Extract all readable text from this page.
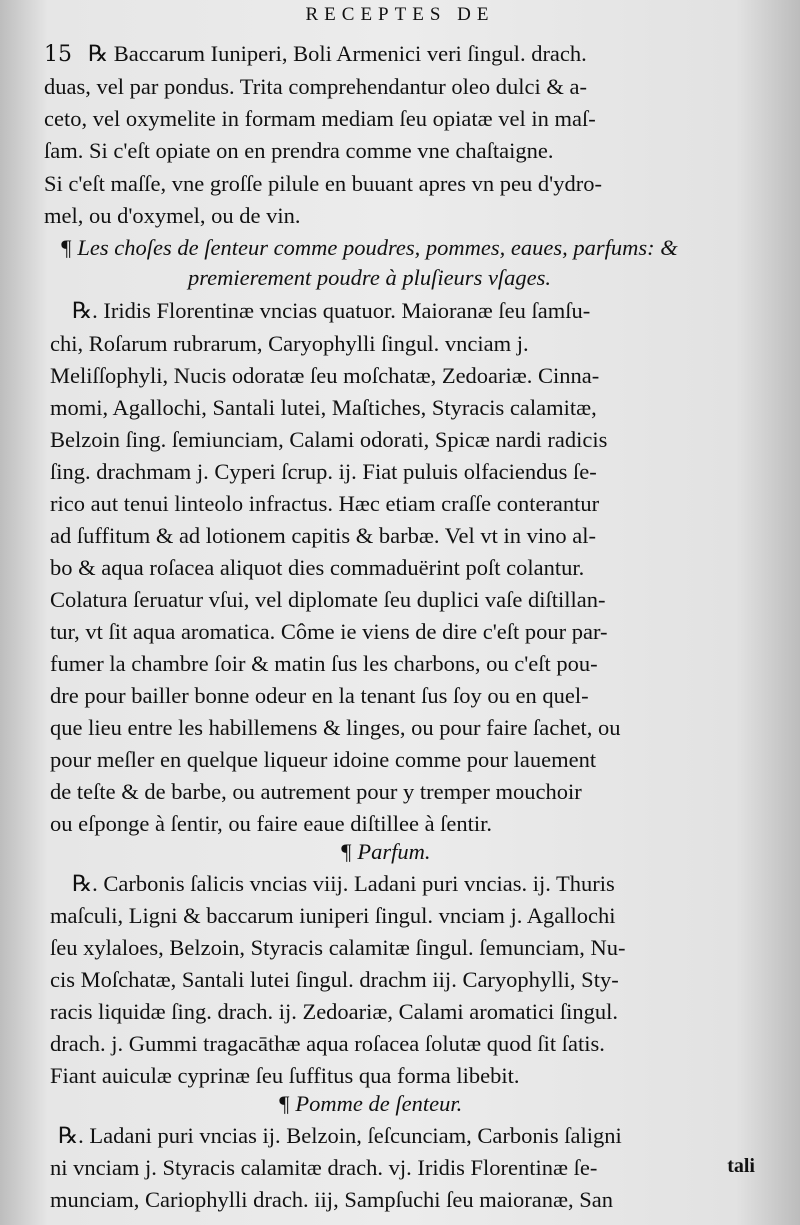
RECEPTES DE
15 ℞ Baccarum Iuniperi, Boli Armenici veri ſingul. drach.
duas, vel par pondus. Trita comprehendantur oleo dulci & a-
ceto, vel oxymelite in formam mediam ſeu opiatæ vel in maſ-
ſam. Si c'eſt opiate on en prendra comme vne chaſtaigne.
Si c'eſt maſſe, vne groſſe pilule en buuant apres vn peu d'ydro-
mel, ou d'oxymel, ou de vin.
¶ Les choſes de ſenteur comme poudres, pommes, eaues, parfums: &
premierement poudre à pluſieurs vſages.
℞. Iridis Florentinæ vncias quatuor. Maioranæ ſeu ſamſu-
chi, Roſarum rubrarum, Caryophylli ſingul. vnciam j.
Meliſſophyli, Nucis odoratæ ſeu moſchatæ, Zedoariæ. Cinna-
momi, Agallochi, Santali lutei, Maſtiches, Styracis calamitæ,
Belzoin ſing. ſemiunciam, Calami odorati, Spicæ nardi radicis
ſing. drachmam j. Cyperi ſcrup. ij. Fiat puluis olfaciendus ſe-
rico aut tenui linteolo infractus. Hæc etiam craſſe conterantur
ad ſuffitum & ad lotionem capitis & barbæ. Vel vt in vino al-
bo & aqua roſacea aliquot dies commaduërint poſt colantur.
Colatura ſeruatur vſui, vel diplomate ſeu duplici vaſe diſtillan-
tur, vt ſit aqua aromatica. Côme ie viens de dire c'eſt pour par-
fumer la chambre ſoir & matin ſus les charbons, ou c'eſt pou-
dre pour bailler bonne odeur en la tenant ſus ſoy ou en quel-
que lieu entre les habillemens & linges, ou pour faire ſachet, ou
pour meſler en quelque liqueur idoine comme pour lauement
de teſte & de barbe, ou autrement pour y tremper mouchoir
ou eſponge à ſentir, ou faire eaue diſtillee à ſentir.
¶ Parfum.
℞. Carbonis ſalicis vncias viij. Ladani puri vncias. ij. Thuris
maſculi, Ligni & baccarum iuniperi ſingul. vnciam j. Agallochi
ſeu xylaloes, Belzoin, Styracis calamitæ ſingul. ſemunciam, Nu-
cis Moſchatæ, Santali lutei ſingul. drachm iij. Caryophylli, Sty-
racis liquidæ ſing. drach. ij. Zedoariæ, Calami aromatici ſingul.
drach. j. Gummi tragacāthæ aqua roſacea ſolutæ quod ſit ſatis.
Fiant auiculæ cyprinæ ſeu ſuffitus qua forma libebit.
¶ Pomme de ſenteur.
℞. Ladani puri vncias ij. Belzoin, ſeſcunciam, Carbonis ſaligni
ni vnciam j. Styracis calamitæ drach. vj. Iridis Florentinæ ſe-
munciam, Cariophylli drach. iij, Sampſuchi ſeu maioranæ, San
tali
